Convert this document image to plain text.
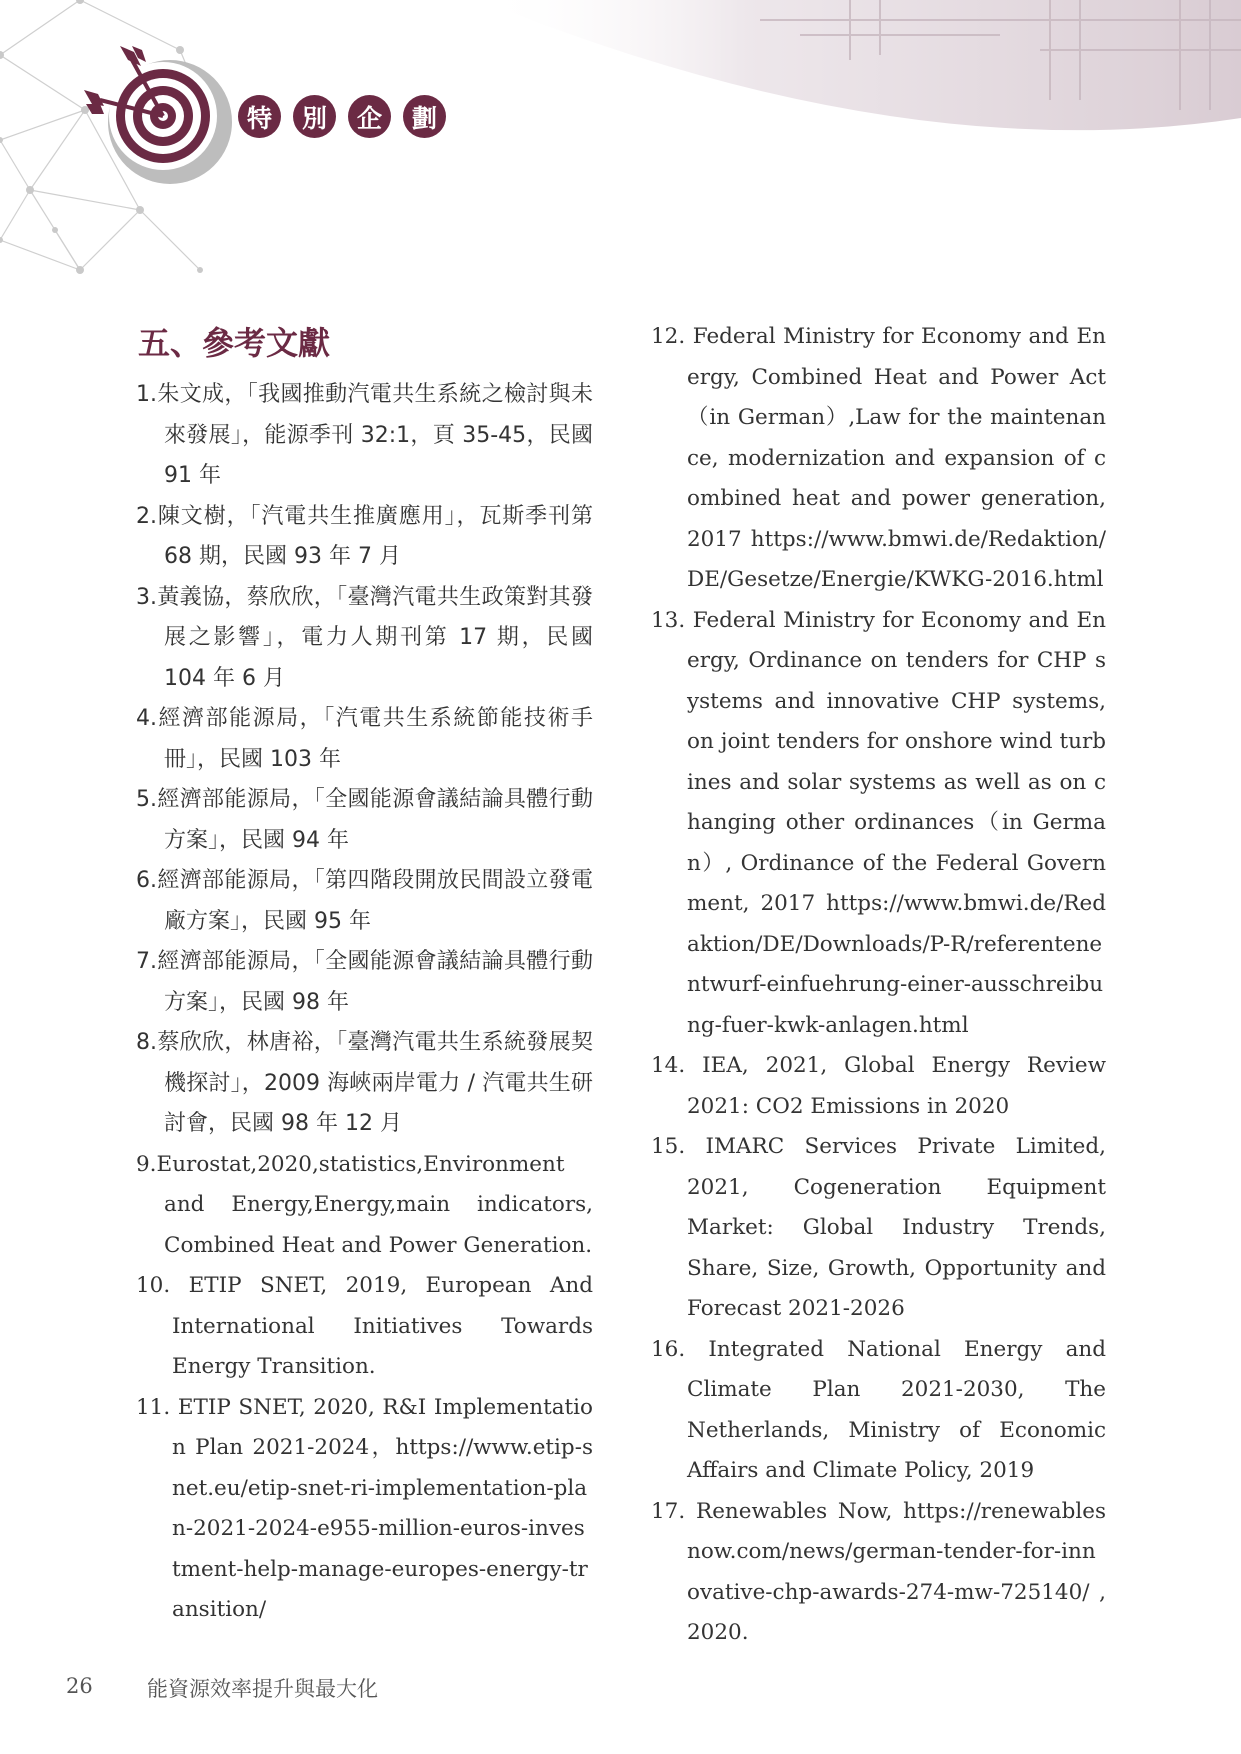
特	別	企	劃
五、參考文獻
1.朱文成，「我國推動汽電共生系統之檢討與未來發展」，能源季刊 32:1，頁 35-45，民國 91 年
2.陳文樹，「汽電共生推廣應用」，瓦斯季刊第 68 期，民國 93 年 7 月
3.黃義協，蔡欣欣，「臺灣汽電共生政策對其發展之影響」，電力人期刊第 17 期，民國 104 年 6 月
4.經濟部能源局，「汽電共生系統節能技術手冊」，民國 103 年
5.經濟部能源局，「全國能源會議結論具體行動方案」，民國 94 年
6.經濟部能源局，「第四階段開放民間設立發電廠方案」，民國 95 年
7.經濟部能源局，「全國能源會議結論具體行動方案」，民國 98 年
8.蔡欣欣，林唐裕，「臺灣汽電共生系統發展契機探討」，2009 海峽兩岸電力 / 汽電共生研討會，民國 98 年 12 月
9.Eurostat,2020,statistics,Environment and Energy,Energy,main indicators, Combined Heat and Power Generation.
10. ETIP SNET, 2019, European And International Initiatives Towards Energy Transition.
11. ETIP SNET, 2020, R&I Implementation Plan 2021-2024，https://www.etip-snet.eu/etip-snet-ri-implementation-plan-2021-2024-e955-million-euros-investment-help-manage-europes-energy-transition/
12. Federal Ministry for Economy and Energy, Combined Heat and Power Act（in German）,Law for the maintenance, modernization and expansion of combined heat and power generation, 2017 https://www.bmwi.de/Redaktion/DE/Gesetze/Energie/KWKG-2016.html
13. Federal Ministry for Economy and Energy, Ordinance on tenders for CHP systems and innovative CHP systems, on joint tenders for onshore wind turbines and solar systems as well as on changing other ordinances（in German）, Ordinance of the Federal Government, 2017 https://www.bmwi.de/Redaktion/DE/Downloads/P-R/referentenentwurf-einfuehrung-einer-ausschreibung-fuer-kwk-anlagen.html
14. IEA, 2021, Global Energy Review 2021: CO2 Emissions in 2020
15. IMARC Services Private Limited, 2021, Cogeneration Equipment Market: Global Industry Trends, Share, Size, Growth, Opportunity and Forecast 2021-2026
16. Integrated National Energy and Climate Plan 2021-2030, The Netherlands, Ministry of Economic Affairs and Climate Policy, 2019
17. Renewables Now, https://renewablesnow.com/news/german-tender-for-innovative-chp-awards-274-mw-725140/ , 2020.
26	能資源效率提升與最大化
